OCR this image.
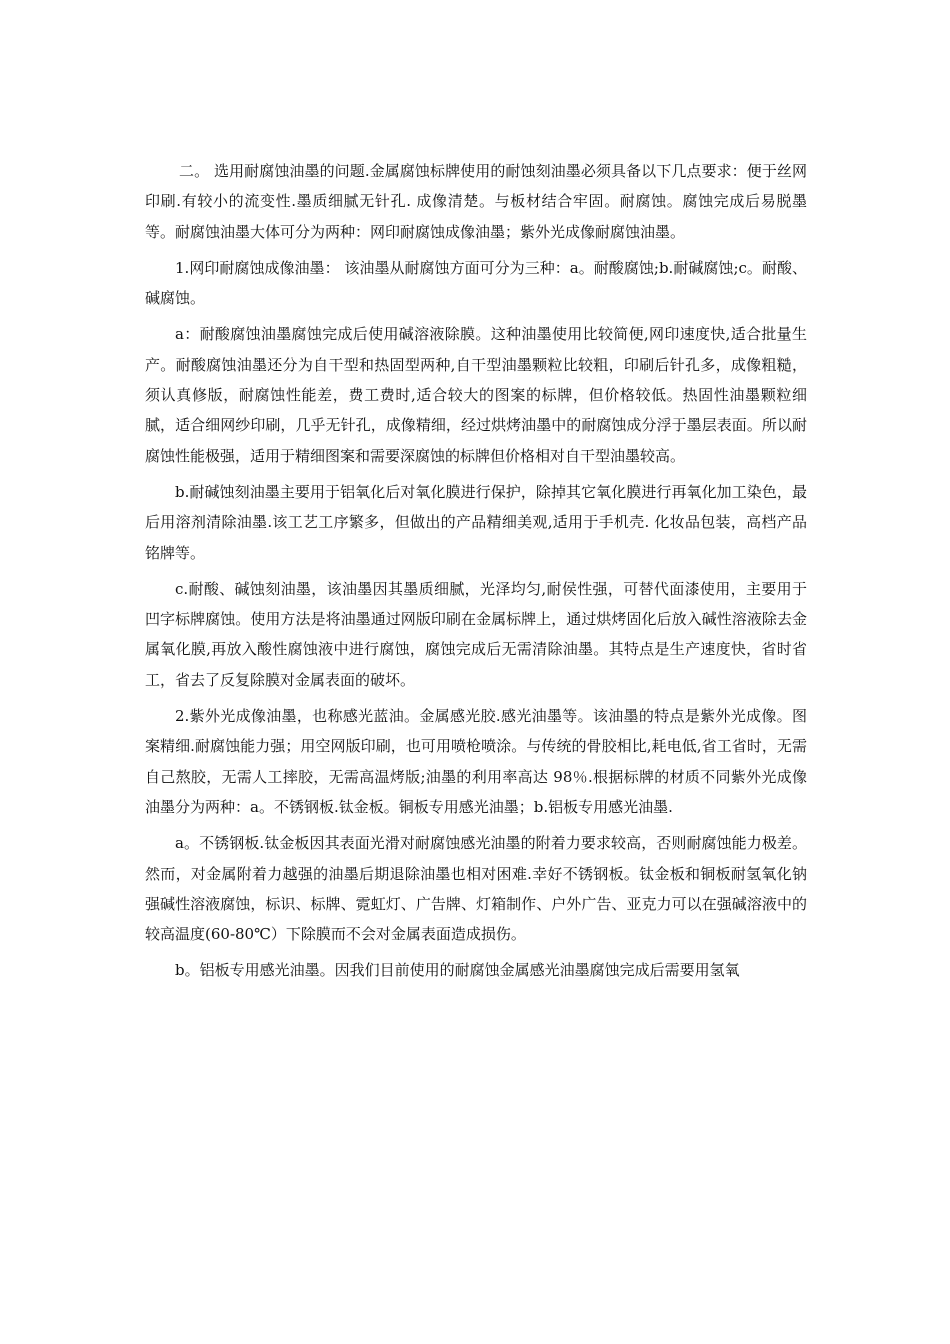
二。 选用耐腐蚀油墨的问题.金属腐蚀标牌使用的耐蚀刻油墨必须具备以下几点要求：便于丝网印刷.有较小的流变性.墨质细腻无针孔. 成像清楚。与板材结合牢固。耐腐蚀。腐蚀完成后易脱墨等。耐腐蚀油墨大体可分为两种：网印耐腐蚀成像油墨；紫外光成像耐腐蚀油墨。

1.网印耐腐蚀成像油墨： 该油墨从耐腐蚀方面可分为三种：a。耐酸腐蚀;b.耐碱腐蚀;c。耐酸、碱腐蚀。

a：耐酸腐蚀油墨腐蚀完成后使用碱溶液除膜。这种油墨使用比较简便,网印速度快,适合批量生产。耐酸腐蚀油墨还分为自干型和热固型两种,自干型油墨颗粒比较粗，印刷后针孔多，成像粗糙，须认真修版，耐腐蚀性能差，费工费时,适合较大的图案的标牌，但价格较低。热固性油墨颗粒细腻，适合细网纱印刷，几乎无针孔，成像精细，经过烘烤油墨中的耐腐蚀成分浮于墨层表面。所以耐腐蚀性能极强，适用于精细图案和需要深腐蚀的标牌但价格相对自干型油墨较高。

b.耐碱蚀刻油墨主要用于铝氧化后对氧化膜进行保护，除掉其它氧化膜进行再氧化加工染色，最后用溶剂清除油墨.该工艺工序繁多，但做出的产品精细美观,适用于手机壳. 化妆品包装，高档产品铭牌等。

c.耐酸、碱蚀刻油墨，该油墨因其墨质细腻，光泽均匀,耐侯性强，可替代面漆使用，主要用于凹字标牌腐蚀。使用方法是将油墨通过网版印刷在金属标牌上，通过烘烤固化后放入碱性溶液除去金属氧化膜,再放入酸性腐蚀液中进行腐蚀，腐蚀完成后无需清除油墨。其特点是生产速度快，省时省工，省去了反复除膜对金属表面的破坏。

2.紫外光成像油墨，也称感光蓝油。金属感光胶.感光油墨等。该油墨的特点是紫外光成像。图案精细.耐腐蚀能力强；用空网版印刷，也可用喷枪喷涂。与传统的骨胶相比,耗电低,省工省时，无需自己熬胶，无需人工摔胶，无需高温烤版;油墨的利用率高达 98％.根据标牌的材质不同紫外光成像油墨分为两种：a。不锈钢板.钛金板。铜板专用感光油墨；b.铝板专用感光油墨.

a。不锈钢板.钛金板因其表面光滑对耐腐蚀感光油墨的附着力要求较高，否则耐腐蚀能力极差。然而，对金属附着力越强的油墨后期退除油墨也相对困难.幸好不锈钢板。钛金板和铜板耐氢氧化钠强碱性溶液腐蚀，标识、标牌、霓虹灯、广告牌、灯箱制作、户外广告、亚克力可以在强碱溶液中的较高温度(60-80℃）下除膜而不会对金属表面造成损伤。

b。铝板专用感光油墨。因我们目前使用的耐腐蚀金属感光油墨腐蚀完成后需要用氢氧
